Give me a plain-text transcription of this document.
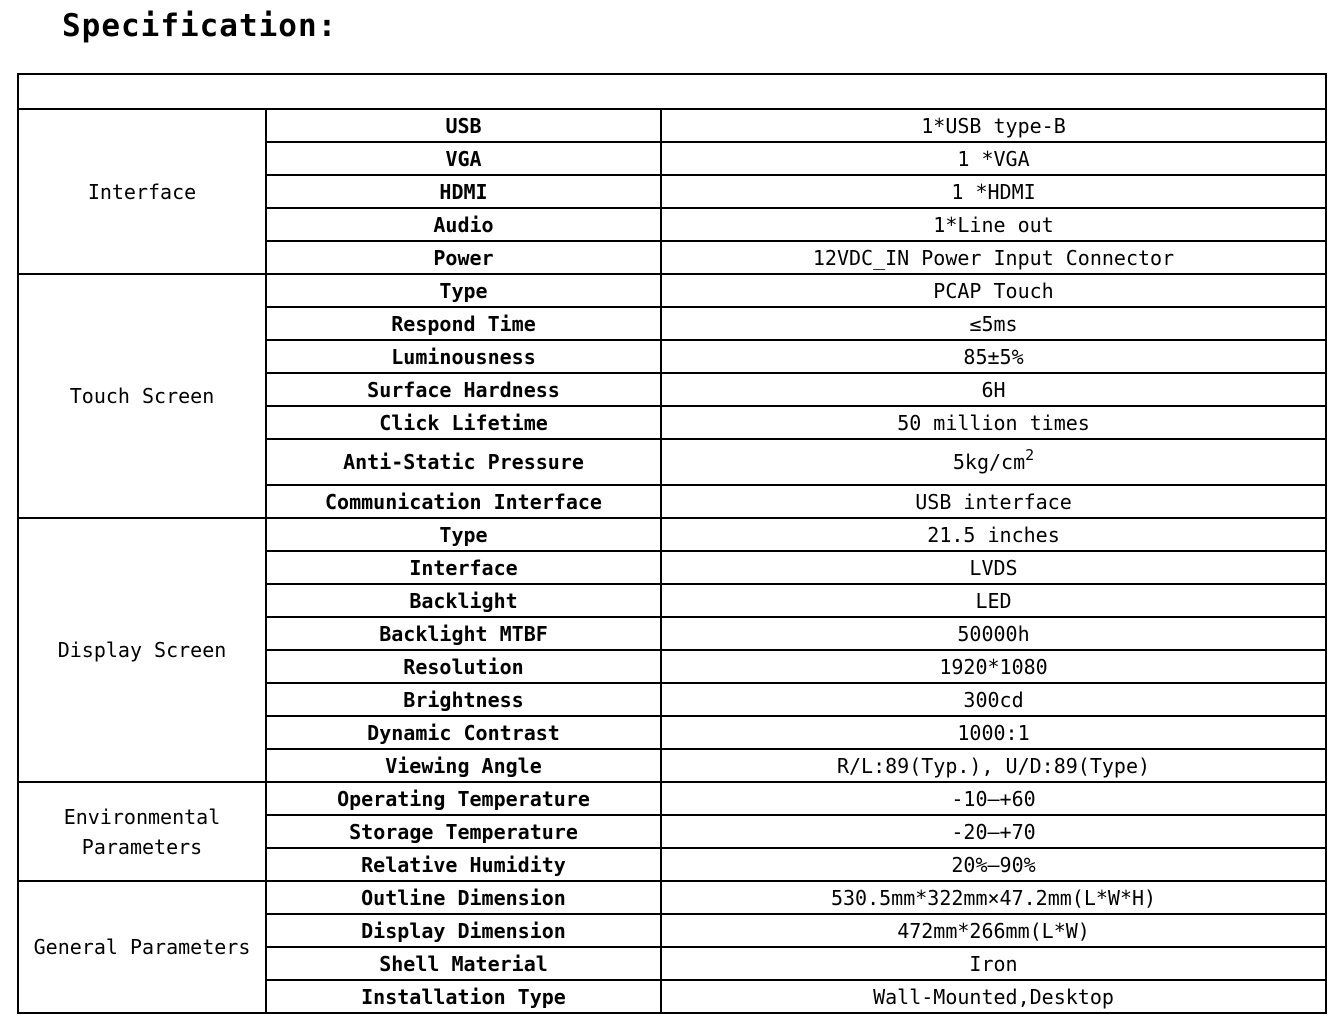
Specification:

Interface	USB	1*USB type-B
	VGA	1 *VGA
	HDMI	1 *HDMI
	Audio	1*Line out
	Power	12VDC_IN Power Input Connector
Touch Screen	Type	PCAP Touch
	Respond Time	≤5ms
	Luminousness	85±5%
	Surface Hardness	6H
	Click Lifetime	50 million times
	Anti-Static Pressure	$5kg/cm^2$
	Communication Interface	USB interface
Display Screen	Type	21.5 inches
	Interface	LVDS
	Backlight	LED
	Backlight MTBF	50000h
	Resolution	1920*1080
	Brightness	300cd
	Dynamic Contrast	1000:1
	Viewing Angle	R/L:89(Typ.), U/D:89(Type)
Environmental Parameters	Operating Temperature	-10—+60
	Storage Temperature	-20—+70
	Relative Humidity	20%—90%
General Parameters	Outline Dimension	530.5mm*322mm×47.2mm(L*W*H)
	Display Dimension	472mm*266mm(L*W)
	Shell Material	Iron
	Installation Type	Wall-Mounted,Desktop
